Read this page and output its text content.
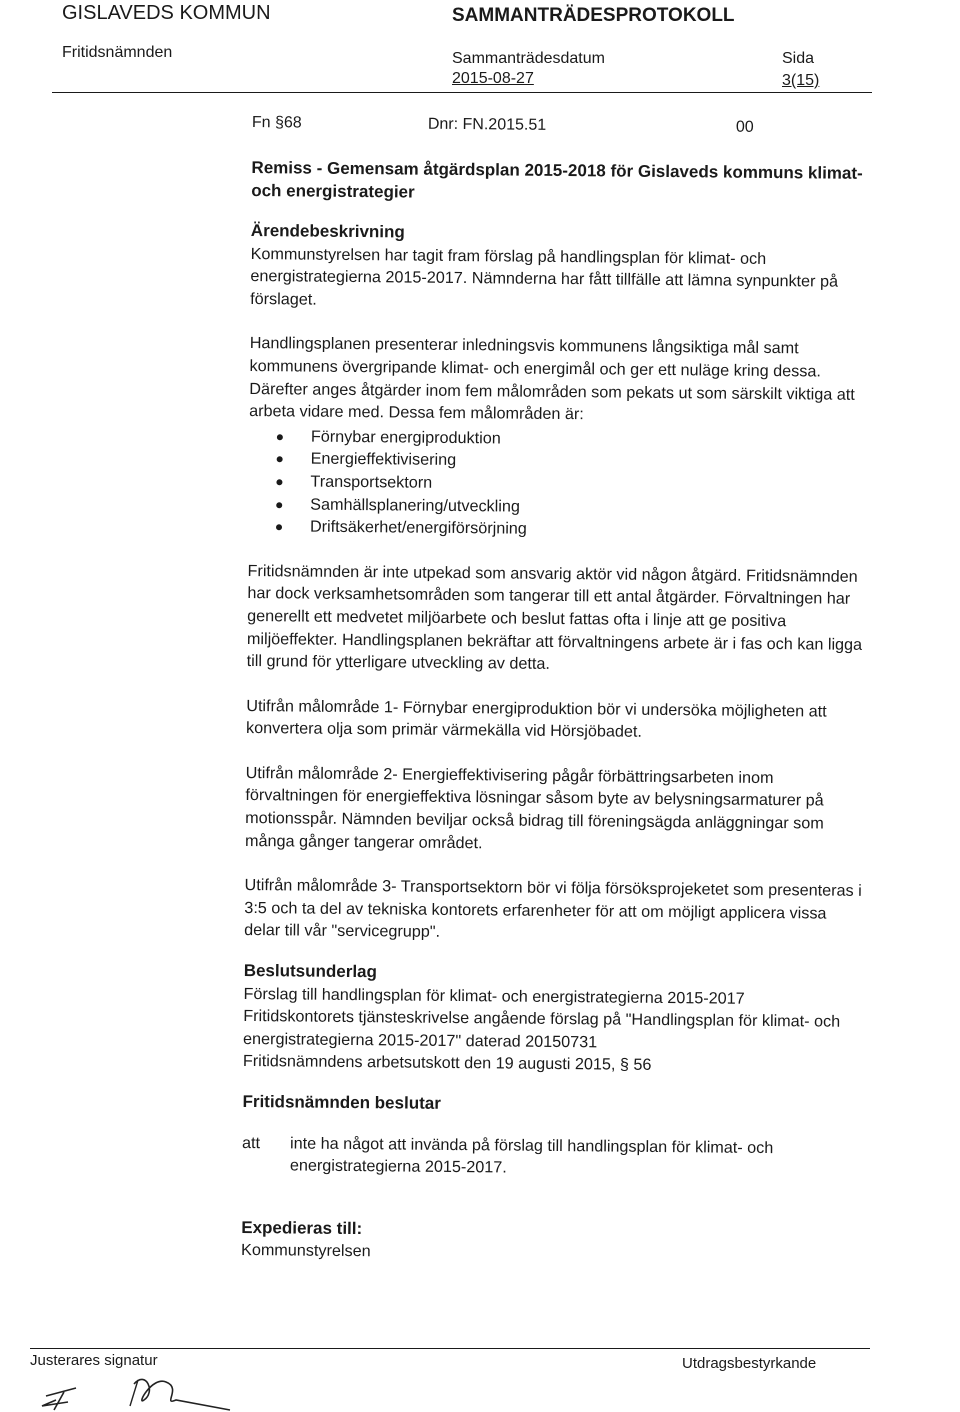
GISLAVEDS KOMMUN	SAMMANTRÄDESPROTOKOLL
Fritidsnämnden	Sammanträdesdatum
2015-08-27
Sida
3(15)
Fn §68	Dnr: FN.2015.51	00
Remiss - Gemensam åtgärdsplan 2015-2018 för Gislaveds kommuns klimat- och energistrategier
Ärendebeskrivning

Kommunstyrelsen har tagit fram förslag på handlingsplan för klimat- och energistrategierna 2015-2017. Nämnderna har fått tillfälle att lämna synpunkter på förslaget.

Handlingsplanen presenterar inledningsvis kommunens långsiktiga mål samt kommunens övergripande klimat- och energimål och ger ett nuläge kring dessa. Därefter anges åtgärder inom fem målområden som pekats ut som särskilt viktiga att arbeta vidare med. Dessa fem målområden är:

Förnybar energiproduktion
Energieffektivisering
Transportsektorn
Samhällsplanering/utveckling
Driftsäkerhet/energiförsörjning

Fritidsnämnden är inte utpekad som ansvarig aktör vid någon åtgärd. Fritidsnämnden har dock verksamhetsområden som tangerar till ett antal åtgärder. Förvaltningen har generellt ett medvetet miljöarbete och beslut fattas ofta i linje att ge positiva miljöeffekter. Handlingsplanen bekräftar att förvaltningens arbete är i fas och kan ligga till grund för ytterligare utveckling av detta.

Utifrån målområde 1- Förnybar energiproduktion bör vi undersöka möjligheten att konvertera olja som primär värmekälla vid Hörsjöbadet.

Utifrån målområde 2- Energieffektivisering pågår förbättringsarbeten inom förvaltningen för energieffektiva lösningar såsom byte av belysningsarmaturer på motionsspår. Nämnden beviljar också bidrag till föreningsägda anläggningar som många gånger tangerar området.

Utifrån målområde 3- Transportsektorn bör vi följa försöksprojeketet som presenteras i 3:5 och ta del av tekniska kontorets erfarenheter för att om möjligt applicera vissa delar till vår "servicegrupp".

Beslutsunderlag

Förslag till handlingsplan för klimat- och energistrategierna 2015-2017

Fritidskontorets tjänsteskrivelse angående förslag på "Handlingsplan för klimat- och energistrategierna 2015-2017" daterad 20150731

Fritidsnämndens arbetsutskott den 19 augusti 2015, § 56

Fritidsnämnden beslutar
att inte ha något att invända på förslag till handlingsplan för klimat- och energistrategierna 2015-2017.
Expedieras till:

Kommunstyrelsen

Justerares signatur	Utdragsbestyrkande
